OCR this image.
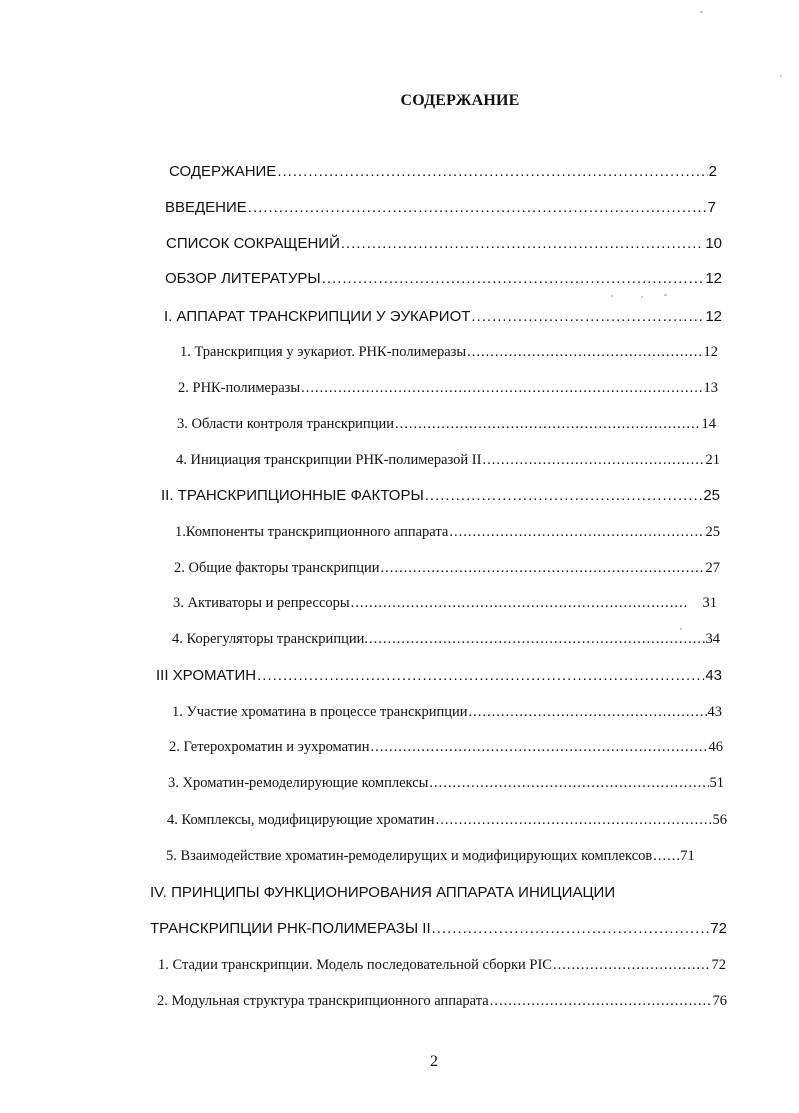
СОДЕРЖАНИЕ
СОДЕРЖАНИЕ .....	2
ВВЕДЕНИЕ .....	7
СПИСОК СОКРАЩЕНИЙ .....	10
ОБЗОР ЛИТЕРАТУРЫ .....	12
I. АППАРАТ ТРАНСКРИПЦИИ У ЭУКАРИОТ .....	12
1. Транскрипция у эукариот. РНК-полимеразы .....	12
2. РНК-полимеразы .....	13
3. Области контроля транскрипции .....	14
4. Инициация транскрипции РНК-полимеразой II .....	21
II. ТРАНСКРИПЦИОННЫЕ ФАКТОРЫ .....	25
1.Компоненты транскрипционного аппарата .....	25
2. Общие факторы транскрипции .....	27
3. Активаторы и репрессоры .....	31
4. Корегуляторы транскрипции. .....	34
III ХРОМАТИН .....	43
1. Участие хроматина в процессе транскрипции .....	43
2. Гетерохроматин и эухроматин .....	46
3. Хроматин-ремоделирующие комплексы .....	51
4. Комплексы, модифицирующие хроматин .....	56
5. Взаимодействие хроматин-ремоделирущих и модифицирующих комплексов ..... 71
IV. ПРИНЦИПЫ ФУНКЦИОНИРОВАНИЯ АППАРАТА ИНИЦИАЦИИ
ТРАНСКРИПЦИИ РНК-ПОЛИМЕРАЗЫ II .....	72
1. Стадии транскрипции. Модель последовательной сборки PIC .....	72
2. Модульная структура транскрипционного аппарата .....	76
2
